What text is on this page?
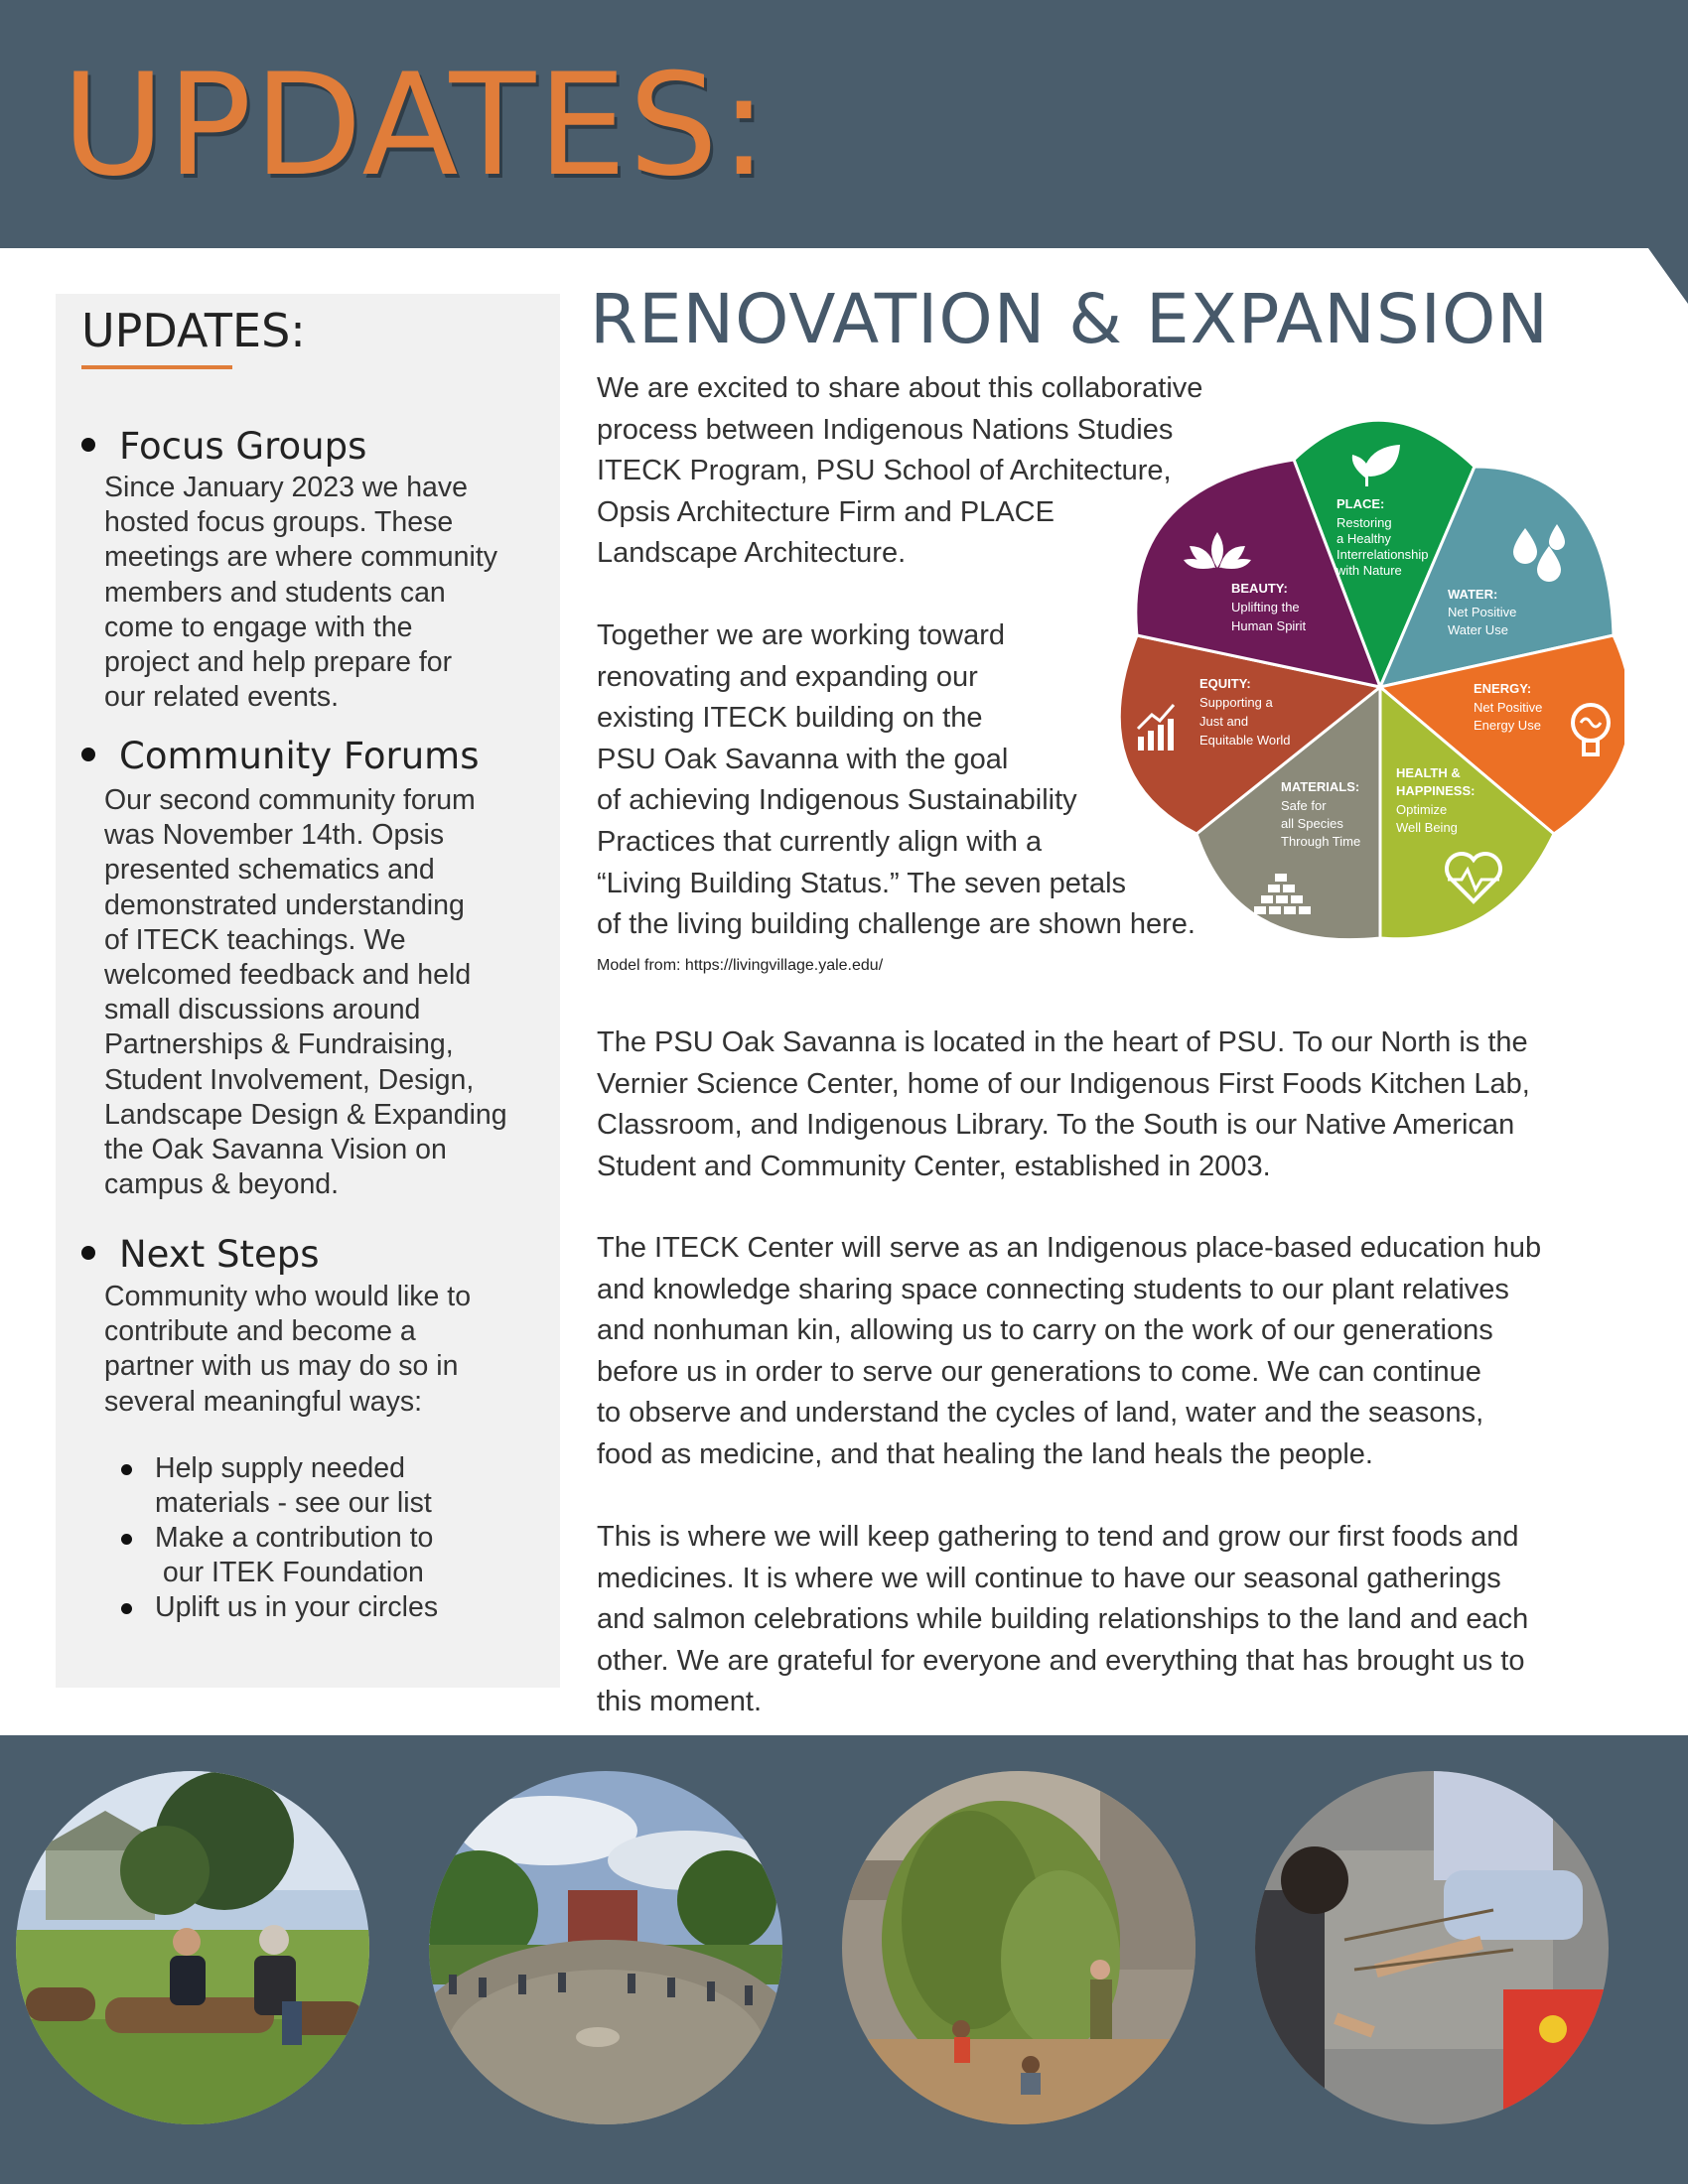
UPDATES:
UPDATES:
Focus Groups
Since January 2023 we have
hosted focus groups. These
meetings are where community
members and students can
come to engage with the
project and help prepare for
our related events.
Community Forums
Our second community forum
was November 14th. Opsis
presented schematics and
demonstrated understanding
of ITECK teachings. We
welcomed feedback and held
small discussions around
Partnerships & Fundraising,
Student Involvement, Design,
Landscape Design & Expanding
the Oak Savanna Vision on
campus & beyond.
Next Steps
Community who would like to
contribute and become a
partner with us may do so in
several meaningful ways:
Help supply needed
materials - see our list
Make a contribution to
our ITEK Foundation
Uplift us in your circles
RENOVATION & EXPANSION
We are excited to share about this collaborative
process between Indigenous Nations Studies
ITECK Program, PSU School of Architecture,
Opsis Architecture Firm and PLACE
Landscape Architecture.
Together we are working toward
renovating and expanding our
existing ITECK building on the
PSU Oak Savanna with the goal
of achieving Indigenous Sustainability
Practices that currently align with a
“Living Building Status.” The seven petals
of the living building challenge are shown here.
Model from: https://livingvillage.yale.edu/
PLACE:
Restoring
a Healthy
Interrelationship
with Nature
WATER:
Net Positive
Water Use
ENERGY:
Net Positive
Energy Use
HEALTH &
HAPPINESS:
Optimize
Well Being
MATERIALS:
Safe for
all Species
Through Time
EQUITY:
Supporting a
Just and
Equitable World
BEAUTY:
Uplifting the
Human Spirit
The PSU Oak Savanna is located in the heart of PSU. To our North is the
Vernier Science Center, home of our Indigenous First Foods Kitchen Lab,
Classroom, and Indigenous Library. To the South is our Native American
Student and Community Center, established in 2003.
The ITECK Center will serve as an Indigenous place-based education hub
and knowledge sharing space connecting students to our plant relatives
and nonhuman kin, allowing us to carry on the work of our generations
before us in order to serve our generations to come. We can continue
to observe and understand the cycles of land, water and the seasons,
food as medicine, and that healing the land heals the people.
This is where we will keep gathering to tend and grow our first foods and
medicines. It is where we will continue to have our seasonal gatherings
and salmon celebrations while building relationships to the land and each
other. We are grateful for everyone and everything that has brought us to
this moment.
